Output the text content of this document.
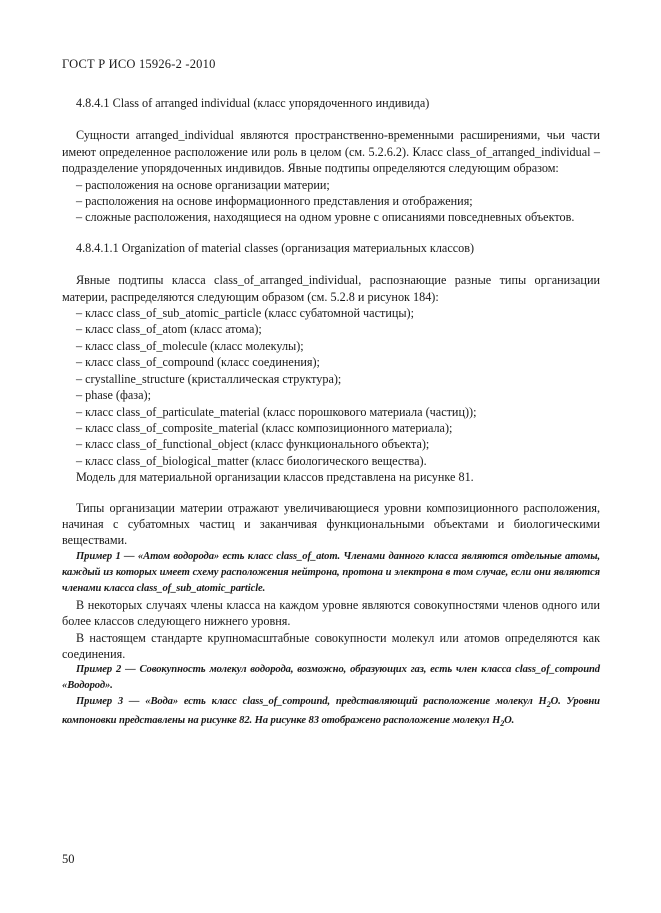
ГОСТ Р ИСО 15926-2 -2010

4.8.4.1 Class of arranged individual (класс упорядоченного индивида)

Сущности arranged_individual являются пространственно-временными расширениями, чьи части имеют определенное расположение или роль в целом (см. 5.2.6.2). Класс class_of_arranged_individual – подразделение упорядоченных индивидов. Явные подтипы определяются следующим образом:

– расположения на основе организации материи;

– расположения на основе информационного представления и отображения;

– сложные расположения, находящиеся на одном уровне с описаниями повседневных объектов.

4.8.4.1.1 Organization of material classes (организация материальных классов)

Явные подтипы класса class_of_arranged_individual, распознающие разные типы организации материи, распределяются следующим образом (см. 5.2.8 и рисунок 184):

– класс class_of_sub_atomic_particle (класс субатомной частицы);

– класс class_of_atom (класс атома);

– класс class_of_molecule (класс молекулы);

– класс class_of_compound (класс соединения);

– crystalline_structure (кристаллическая структура);

– phase (фаза);

– класс class_of_particulate_material (класс порошкового материала (частиц));

– класс class_of_composite_material (класс композиционного материала);

– класс class_of_functional_object (класс функционального объекта);

– класс class_of_biological_matter (класс биологического вещества).

Модель для материальной организации классов представлена на рисунке 81.

Типы организации материи отражают увеличивающиеся уровни композиционного расположения, начиная с субатомных частиц и заканчивая функциональными объектами и биологическими веществами.

Пример 1 — «Атом водорода» есть класс class_of_atom. Членами данного класса являются отдельные атомы, каждый из которых имеет схему расположения нейтрона, протона и электрона в том случае, если они являются членами класса class_of_sub_atomic_particle.

В некоторых случаях члены класса на каждом уровне являются совокупностями членов одного или более классов следующего нижнего уровня.

В настоящем стандарте крупномасштабные совокупности молекул или атомов определяются как соединения.

Пример 2 — Совокупность молекул водорода, возможно, образующих газ, есть член класса class_of_compound «Водород».

Пример 3 — «Вода» есть класс class_of_compound, представляющий расположение молекул $H_2O$. Уровни компоновки представлены на рисунке 82. На рисунке 83 отображено расположение молекул $H_2O$.

50
